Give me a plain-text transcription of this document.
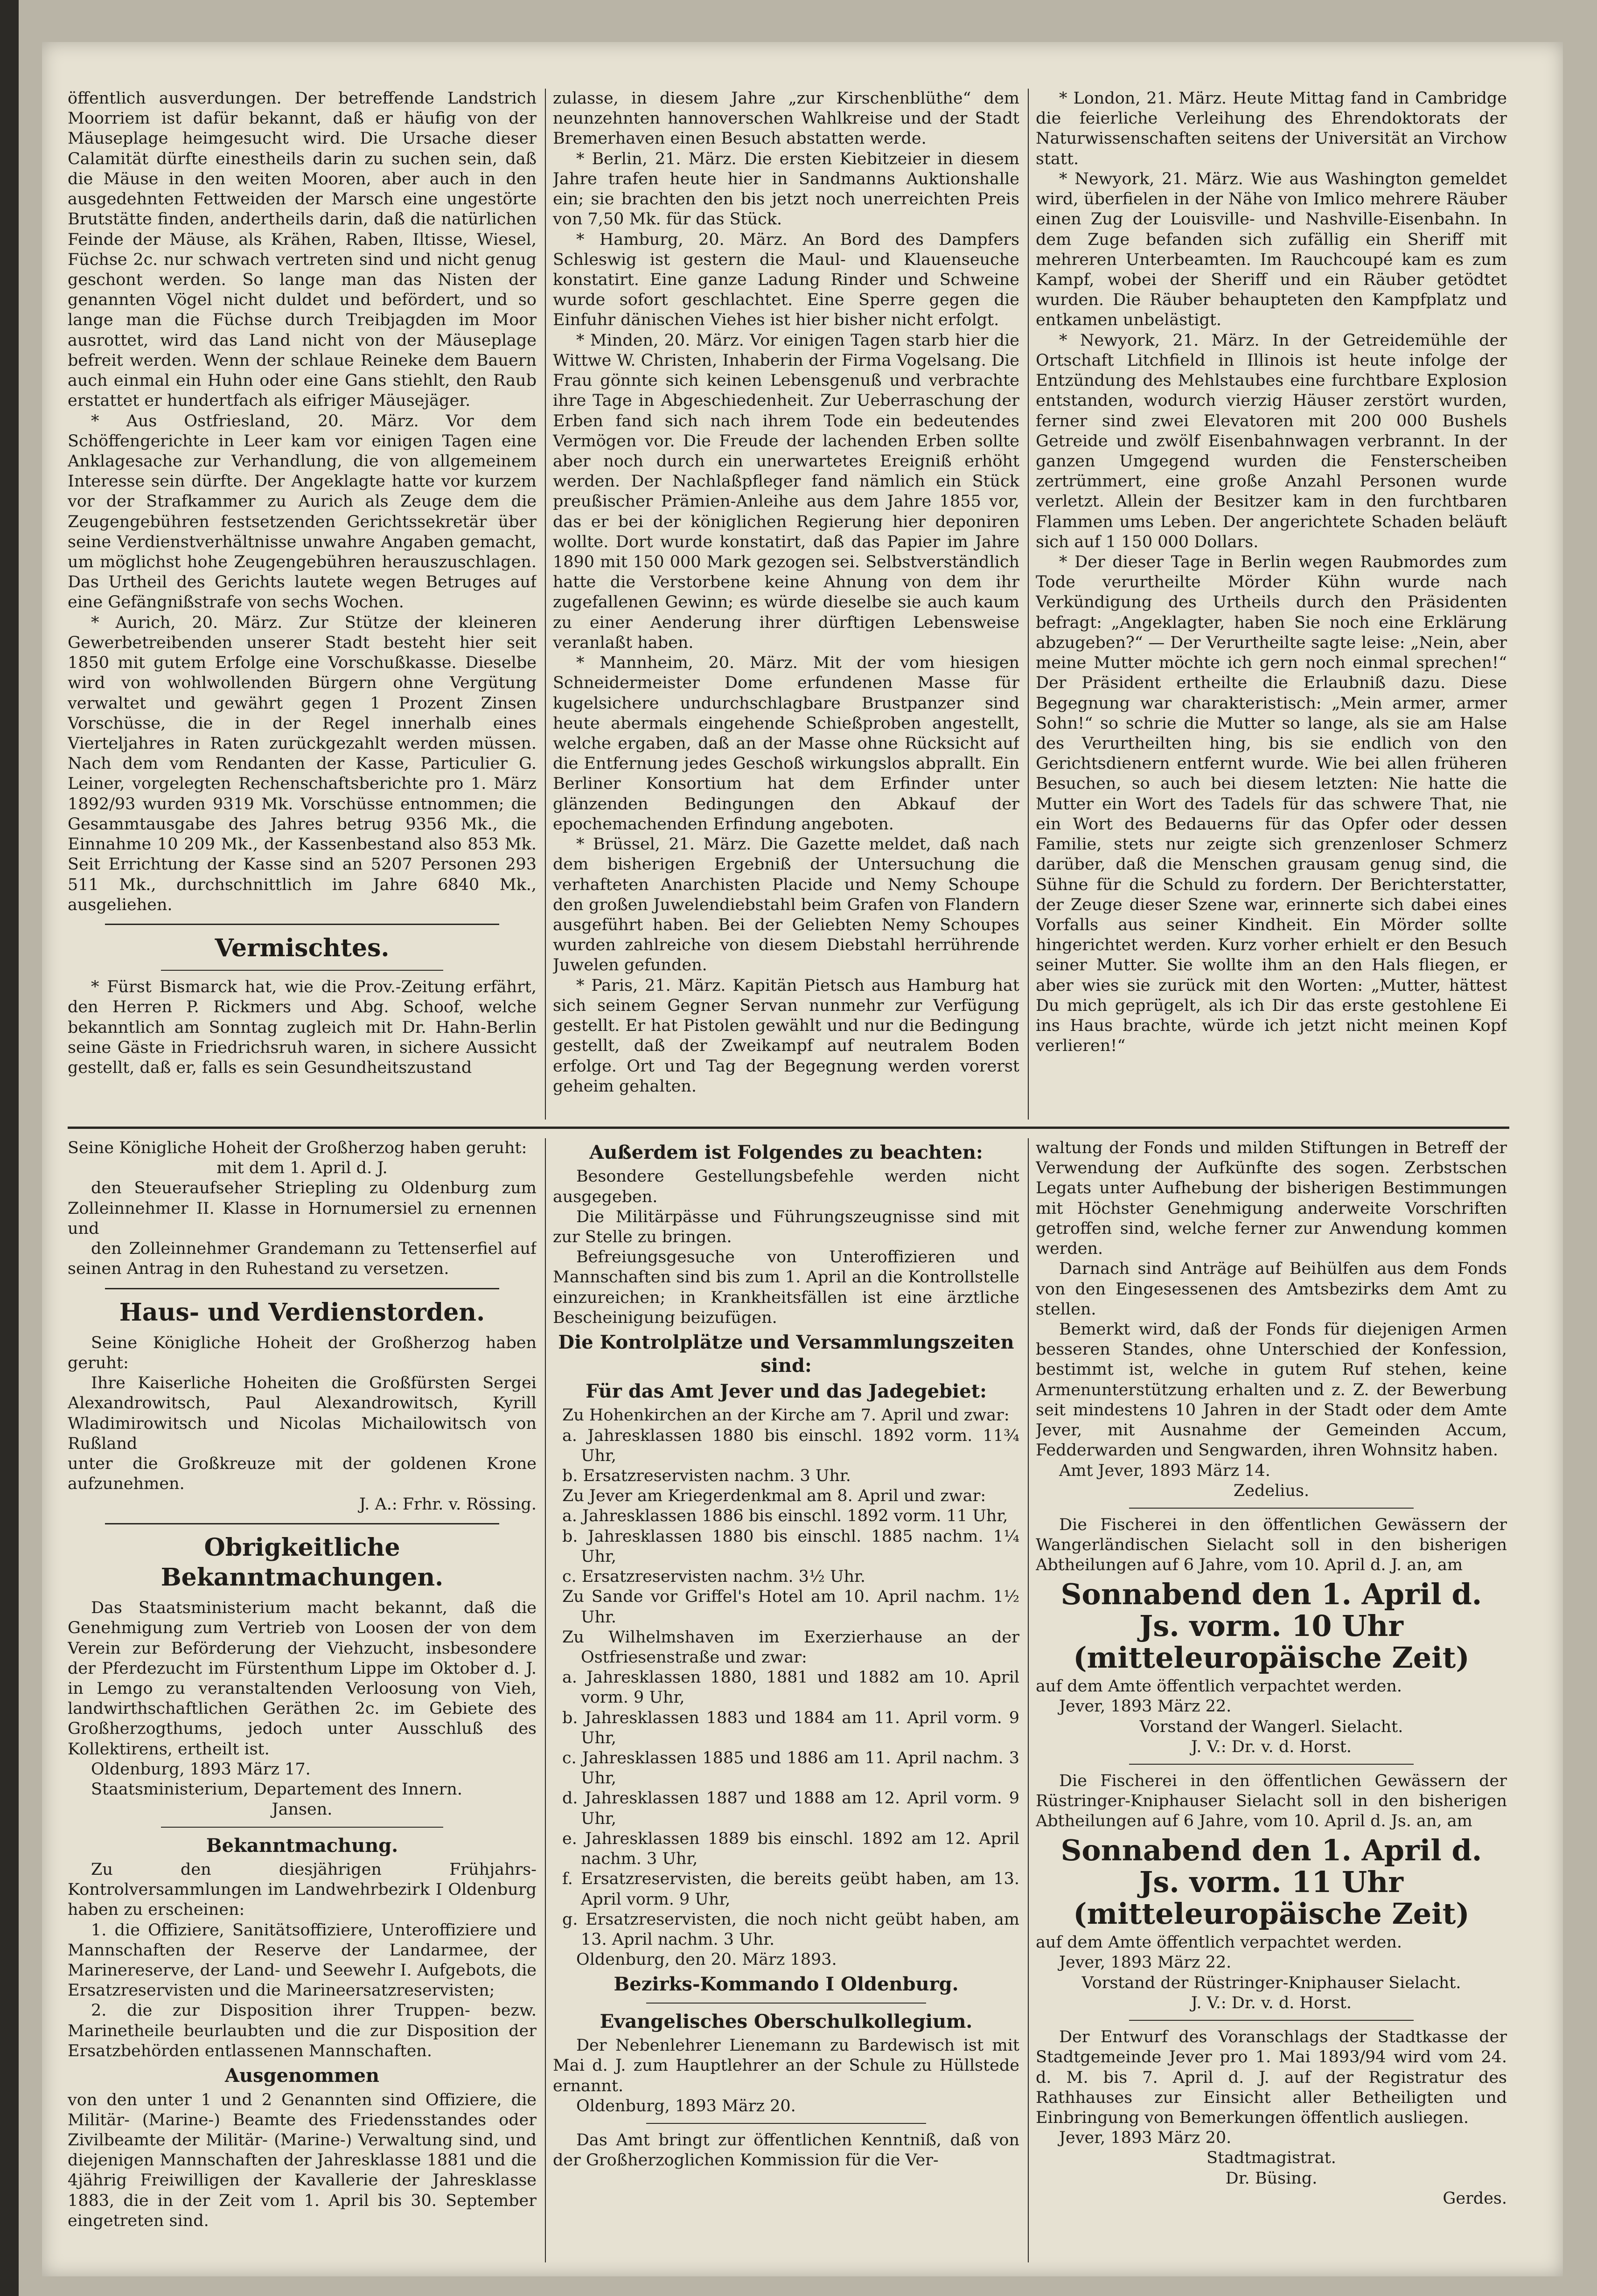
öffentlich ausverdungen. Der betreffende Landstrich Moorriem ist dafür bekannt, daß er häufig von der Mäuseplage heimgesucht wird. Die Ursache dieser Calamität dürfte einestheils darin zu suchen sein, daß die Mäuse in den weiten Mooren, aber auch in den ausgedehnten Fettweiden der Marsch eine ungestörte Brutstätte finden, andertheils darin, daß die natürlichen Feinde der Mäuse, als Krähen, Raben, Iltisse, Wiesel, Füchse 2c. nur schwach vertreten sind und nicht genug geschont werden. So lange man das Nisten der genannten Vögel nicht duldet und befördert, und so lange man die Füchse durch Treibjagden im Moor ausrottet, wird das Land nicht von der Mäuseplage befreit werden. Wenn der schlaue Reineke dem Bauern auch einmal ein Huhn oder eine Gans stiehlt, den Raub erstattet er hundertfach als eifriger Mäusejäger.

* Aus Ostfriesland, 20. März. Vor dem Schöffengerichte in Leer kam vor einigen Tagen eine Anklagesache zur Verhandlung, die von allgemeinem Interesse sein dürfte. Der Angeklagte hatte vor kurzem vor der Strafkammer zu Aurich als Zeuge dem die Zeugengebühren festsetzenden Gerichtssekretär über seine Verdienstverhältnisse unwahre Angaben gemacht, um möglichst hohe Zeugengebühren herauszuschlagen. Das Urtheil des Gerichts lautete wegen Betruges auf eine Gefängnißstrafe von sechs Wochen.

* Aurich, 20. März. Zur Stütze der kleineren Gewerbetreibenden unserer Stadt besteht hier seit 1850 mit gutem Erfolge eine Vorschußkasse. Dieselbe wird von wohlwollenden Bürgern ohne Vergütung verwaltet und gewährt gegen 1 Prozent Zinsen Vorschüsse, die in der Regel innerhalb eines Vierteljahres in Raten zurückgezahlt werden müssen. Nach dem vom Rendanten der Kasse, Particulier G. Leiner, vorgelegten Rechenschaftsberichte pro 1. März 1892/93 wurden 9319 Mk. Vorschüsse entnommen; die Gesammtausgabe des Jahres betrug 9356 Mk., die Einnahme 10 209 Mk., der Kassenbestand also 853 Mk. Seit Errichtung der Kasse sind an 5207 Personen 293 511 Mk., durchschnittlich im Jahre 6840 Mk., ausgeliehen.

Vermischtes.

* Fürst Bismarck hat, wie die Prov.-Zeitung erfährt, den Herren P. Rickmers und Abg. Schoof, welche bekanntlich am Sonntag zugleich mit Dr. Hahn-Berlin seine Gäste in Friedrichsruh waren, in sichere Aussicht gestellt, daß er, falls es sein Gesundheitszustand

zulasse, in diesem Jahre „zur Kirschenblüthe“ dem neunzehnten hannoverschen Wahlkreise und der Stadt Bremerhaven einen Besuch abstatten werde.

* Berlin, 21. März. Die ersten Kiebitzeier in diesem Jahre trafen heute hier in Sandmanns Auktionshalle ein; sie brachten den bis jetzt noch unerreichten Preis von 7,50 Mk. für das Stück.

* Hamburg, 20. März. An Bord des Dampfers Schleswig ist gestern die Maul- und Klauenseuche konstatirt. Eine ganze Ladung Rinder und Schweine wurde sofort geschlachtet. Eine Sperre gegen die Einfuhr dänischen Viehes ist hier bisher nicht erfolgt.

* Minden, 20. März. Vor einigen Tagen starb hier die Wittwe W. Christen, Inhaberin der Firma Vogelsang. Die Frau gönnte sich keinen Lebensgenuß und verbrachte ihre Tage in Abgeschiedenheit. Zur Ueberraschung der Erben fand sich nach ihrem Tode ein bedeutendes Vermögen vor. Die Freude der lachenden Erben sollte aber noch durch ein unerwartetes Ereigniß erhöht werden. Der Nachlaßpfleger fand nämlich ein Stück preußischer Prämien-Anleihe aus dem Jahre 1855 vor, das er bei der königlichen Regierung hier deponiren wollte. Dort wurde konstatirt, daß das Papier im Jahre 1890 mit 150 000 Mark gezogen sei. Selbstverständlich hatte die Verstorbene keine Ahnung von dem ihr zugefallenen Gewinn; es würde dieselbe sie auch kaum zu einer Aenderung ihrer dürftigen Lebensweise veranlaßt haben.

* Mannheim, 20. März. Mit der vom hiesigen Schneidermeister Dome erfundenen Masse für kugelsichere undurchschlagbare Brustpanzer sind heute abermals eingehende Schießproben angestellt, welche ergaben, daß an der Masse ohne Rücksicht auf die Entfernung jedes Geschoß wirkungslos abprallt. Ein Berliner Konsortium hat dem Erfinder unter glänzenden Bedingungen den Abkauf der epochemachenden Erfindung angeboten.

* Brüssel, 21. März. Die Gazette meldet, daß nach dem bisherigen Ergebniß der Untersuchung die verhafteten Anarchisten Placide und Nemy Schoupe den großen Juwelendiebstahl beim Grafen von Flandern ausgeführt haben. Bei der Geliebten Nemy Schoupes wurden zahlreiche von diesem Diebstahl herrührende Juwelen gefunden.

* Paris, 21. März. Kapitän Pietsch aus Hamburg hat sich seinem Gegner Servan nunmehr zur Verfügung gestellt. Er hat Pistolen gewählt und nur die Bedingung gestellt, daß der Zweikampf auf neutralem Boden erfolge. Ort und Tag der Begegnung werden vorerst geheim gehalten.

* London, 21. März. Heute Mittag fand in Cambridge die feierliche Verleihung des Ehrendoktorats der Naturwissenschaften seitens der Universität an Virchow statt.

* Newyork, 21. März. Wie aus Washington gemeldet wird, überfielen in der Nähe von Imlico mehrere Räuber einen Zug der Louisville- und Nashville-Eisenbahn. In dem Zuge befanden sich zufällig ein Sheriff mit mehreren Unterbeamten. Im Rauchcoupé kam es zum Kampf, wobei der Sheriff und ein Räuber getödtet wurden. Die Räuber behaupteten den Kampfplatz und entkamen unbelästigt.

* Newyork, 21. März. In der Getreidemühle der Ortschaft Litchfield in Illinois ist heute infolge der Entzündung des Mehlstaubes eine furchtbare Explosion entstanden, wodurch vierzig Häuser zerstört wurden, ferner sind zwei Elevatoren mit 200 000 Bushels Getreide und zwölf Eisenbahnwagen verbrannt. In der ganzen Umgegend wurden die Fensterscheiben zertrümmert, eine große Anzahl Personen wurde verletzt. Allein der Besitzer kam in den furchtbaren Flammen ums Leben. Der angerichtete Schaden beläuft sich auf 1 150 000 Dollars.

* Der dieser Tage in Berlin wegen Raubmordes zum Tode verurtheilte Mörder Kühn wurde nach Verkündigung des Urtheils durch den Präsidenten befragt: „Angeklagter, haben Sie noch eine Erklärung abzugeben?“ — Der Verurtheilte sagte leise: „Nein, aber meine Mutter möchte ich gern noch einmal sprechen!“ Der Präsident ertheilte die Erlaubniß dazu. Diese Begegnung war charakteristisch: „Mein armer, armer Sohn!“ so schrie die Mutter so lange, als sie am Halse des Verurtheilten hing, bis sie endlich von den Gerichtsdienern entfernt wurde. Wie bei allen früheren Besuchen, so auch bei diesem letzten: Nie hatte die Mutter ein Wort des Tadels für das schwere That, nie ein Wort des Bedauerns für das Opfer oder dessen Familie, stets nur zeigte sich grenzenloser Schmerz darüber, daß die Menschen grausam genug sind, die Sühne für die Schuld zu fordern. Der Berichterstatter, der Zeuge dieser Szene war, erinnerte sich dabei eines Vorfalls aus seiner Kindheit. Ein Mörder sollte hingerichtet werden. Kurz vorher erhielt er den Besuch seiner Mutter. Sie wollte ihm an den Hals fliegen, er aber wies sie zurück mit den Worten: „Mutter, hättest Du mich geprügelt, als ich Dir das erste gestohlene Ei ins Haus brachte, würde ich jetzt nicht meinen Kopf verlieren!“

Seine Königliche Hoheit der Großherzog haben geruht:

mit dem 1. April d. J.

den Steueraufseher Striepling zu Oldenburg zum Zolleinnehmer II. Klasse in Hornumersiel zu ernennen und

den Zolleinnehmer Grandemann zu Tettenserfiel auf seinen Antrag in den Ruhestand zu versetzen.

Haus- und Verdienstorden.

Seine Königliche Hoheit der Großherzog haben geruht:

Ihre Kaiserliche Hoheiten die Großfürsten Sergei Alexandrowitsch, Paul Alexandrowitsch, Kyrill Wladimirowitsch und Nicolas Michailowitsch von Rußland

unter die Großkreuze mit der goldenen Krone aufzunehmen.

J. A.: Frhr. v. Rössing.

Obrigkeitliche Bekanntmachungen.

Das Staatsministerium macht bekannt, daß die Genehmigung zum Vertrieb von Loosen der von dem Verein zur Beförderung der Viehzucht, insbesondere der Pferdezucht im Fürstenthum Lippe im Oktober d. J. in Lemgo zu veranstaltenden Verloosung von Vieh, landwirthschaftlichen Geräthen 2c. im Gebiete des Großherzogthums, jedoch unter Ausschluß des Kollektirens, ertheilt ist.

Oldenburg, 1893 März 17.

Staatsministerium, Departement des Innern.

Jansen.

Bekanntmachung.

Zu den diesjährigen Frühjahrs-Kontrolversammlungen im Landwehrbezirk I Oldenburg haben zu erscheinen:

1. die Offiziere, Sanitätsoffiziere, Unteroffiziere und Mannschaften der Reserve der Landarmee, der Marinereserve, der Land- und Seewehr I. Aufgebots, die Ersatzreservisten und die Marineersatzreservisten;

2. die zur Disposition ihrer Truppen- bezw. Marinetheile beurlaubten und die zur Disposition der Ersatzbehörden entlassenen Mannschaften.

Ausgenommen

von den unter 1 und 2 Genannten sind Offiziere, die Militär- (Marine-) Beamte des Friedensstandes oder Zivilbeamte der Militär- (Marine-) Verwaltung sind, und diejenigen Mannschaften der Jahresklasse 1881 und die 4jährig Freiwilligen der Kavallerie der Jahresklasse 1883, die in der Zeit vom 1. April bis 30. September eingetreten sind.

Außerdem ist Folgendes zu beachten:

Besondere Gestellungsbefehle werden nicht ausgegeben.

Die Militärpässe und Führungszeugnisse sind mit zur Stelle zu bringen.

Befreiungsgesuche von Unteroffizieren und Mannschaften sind bis zum 1. April an die Kontrollstelle einzureichen; in Krankheitsfällen ist eine ärztliche Bescheinigung beizufügen.

Die Kontrolplätze und Versammlungszeiten sind:
Für das Amt Jever und das Jadegebiet:

Zu Hohenkirchen an der Kirche am 7. April und zwar:

a. Jahresklassen 1880 bis einschl. 1892 vorm. 11¾ Uhr,

b. Ersatzreservisten nachm. 3 Uhr.

Zu Jever am Kriegerdenkmal am 8. April und zwar:

a. Jahresklassen 1886 bis einschl. 1892 vorm. 11 Uhr,

b. Jahresklassen 1880 bis einschl. 1885 nachm. 1¼ Uhr,

c. Ersatzreservisten nachm. 3½ Uhr.

Zu Sande vor Griffel's Hotel am 10. April nachm. 1½ Uhr.

Zu Wilhelmshaven im Exerzierhause an der Ostfriesenstraße und zwar:

a. Jahresklassen 1880, 1881 und 1882 am 10. April vorm. 9 Uhr,

b. Jahresklassen 1883 und 1884 am 11. April vorm. 9 Uhr,

c. Jahresklassen 1885 und 1886 am 11. April nachm. 3 Uhr,

d. Jahresklassen 1887 und 1888 am 12. April vorm. 9 Uhr,

e. Jahresklassen 1889 bis einschl. 1892 am 12. April nachm. 3 Uhr,

f. Ersatzreservisten, die bereits geübt haben, am 13. April vorm. 9 Uhr,

g. Ersatzreservisten, die noch nicht geübt haben, am 13. April nachm. 3 Uhr.

Oldenburg, den 20. März 1893.

Bezirks-Kommando I Oldenburg.
Evangelisches Oberschulkollegium.

Der Nebenlehrer Lienemann zu Bardewisch ist mit Mai d. J. zum Hauptlehrer an der Schule zu Hüllstede ernannt.

Oldenburg, 1893 März 20.

Das Amt bringt zur öffentlichen Kenntniß, daß von der Großherzoglichen Kommission für die Ver-

waltung der Fonds und milden Stiftungen in Betreff der Verwendung der Aufkünfte des sogen. Zerbstschen Legats unter Aufhebung der bisherigen Bestimmungen mit Höchster Genehmigung anderweite Vorschriften getroffen sind, welche ferner zur Anwendung kommen werden.

Darnach sind Anträge auf Beihülfen aus dem Fonds von den Eingesessenen des Amtsbezirks dem Amt zu stellen.

Bemerkt wird, daß der Fonds für diejenigen Armen besseren Standes, ohne Unterschied der Konfession, bestimmt ist, welche in gutem Ruf stehen, keine Armenunterstützung erhalten und z. Z. der Bewerbung seit mindestens 10 Jahren in der Stadt oder dem Amte Jever, mit Ausnahme der Gemeinden Accum, Fedderwarden und Sengwarden, ihren Wohnsitz haben.

Amt Jever, 1893 März 14.

Zedelius.

Die Fischerei in den öffentlichen Gewässern der Wangerländischen Sielacht soll in den bisherigen Abtheilungen auf 6 Jahre, vom 10. April d. J. an, am

Sonnabend den 1. April d. Js. vorm. 10 Uhr (mitteleuropäische Zeit)

auf dem Amte öffentlich verpachtet werden.

Jever, 1893 März 22.

Vorstand der Wangerl. Sielacht.

J. V.: Dr. v. d. Horst.

Die Fischerei in den öffentlichen Gewässern der Rüstringer-Kniphauser Sielacht soll in den bisherigen Abtheilungen auf 6 Jahre, vom 10. April d. Js. an, am

Sonnabend den 1. April d. Js. vorm. 11 Uhr (mitteleuropäische Zeit)

auf dem Amte öffentlich verpachtet werden.

Jever, 1893 März 22.

Vorstand der Rüstringer-Kniphauser Sielacht.

J. V.: Dr. v. d. Horst.

Der Entwurf des Voranschlags der Stadtkasse der Stadtgemeinde Jever pro 1. Mai 1893/94 wird vom 24. d. M. bis 7. April d. J. auf der Registratur des Rathhauses zur Einsicht aller Betheiligten und Einbringung von Bemerkungen öffentlich ausliegen.

Jever, 1893 März 20.

Stadtmagistrat.

Dr. Büsing.

Gerdes.
